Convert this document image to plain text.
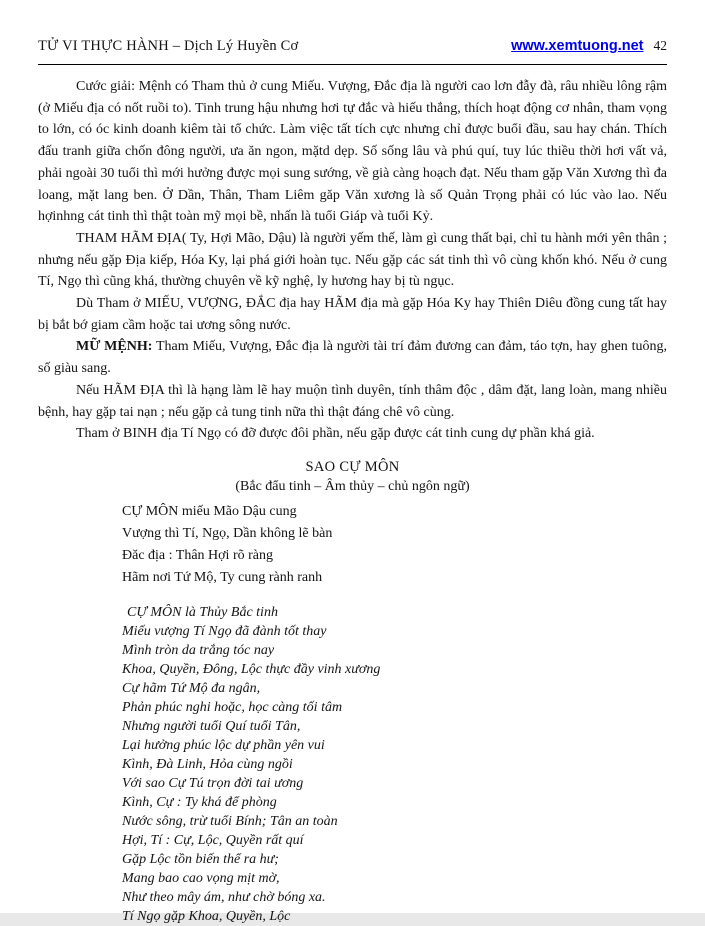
TỬ VI THỰC HÀNH – Dịch Lý Huyền Cơ	www.xemtuong.net 42

Cước giải: Mệnh có Tham thủ ở cung Miếu. Vượng, Đắc địa là người cao lơn đẫy đà, râu nhiều lông rậm (ở Miếu địa có nốt ruồi to). Tinh trung hậu nhưng hơi tự đắc và hiếu thắng, thích hoạt động cơ nhân, tham vọng to lớn, có óc kinh doanh kiêm tài tổ chức. Làm việc tất tích cực nhưng chỉ được buổi đầu, sau hay chán. Thích đấu tranh giữa chốn đông người, ưa ăn ngon, mặtd dẹp. Số sống lâu và phú quí, tuy lúc thiều thời hơi vất vả, phải ngoài 30 tuổi thì mới hưởng được mọi sung sướng, về già càng hoạch đạt. Nếu tham gặp Văn Xương thì đa loang, mặt lang ben. Ở Dần, Thân, Tham Liêm găp Văn xương là số Quản Trọng phải có lúc vào lao. Nếu hợinhng cát tinh thì thật toàn mỹ mọi bề, nhấn là tuổi Giáp và tuổi Kỷ.

THAM HÃM ĐỊA( Ty, Hợi Mão, Dậu) là người yếm thế, làm gì cung thất bại, chỉ tu hành mới yên thân ; nhưng nếu gặp Địa kiếp, Hóa Ky, lại phá giới hoàn tục. Nếu gặp các sát tinh thì vô cùng khốn khó. Nếu ở cung Tí, Ngọ thì cũng khá, thường chuyên về kỹ nghệ, ly hương hay bị tù ngục.

Dù Tham ở MIẾU, VƯỢNG, ĐẮC địa hay HÃM địa mà gặp Hóa Ky hay Thiên Diêu đồng cung tất hay bị bắt bớ giam cầm hoặc tai ương sông nước.

MỮ MỆNH: Tham Miếu, Vượng, Đắc địa là người tài trí đảm đương can đảm, táo tợn, hay ghen tuông, số giàu sang.

Nếu HÃM ĐỊA thì là hạng làm lẽ hay muộn tình duyên, tính thâm độc , dâm đặt, lang loàn, mang nhiều bệnh, hay gặp tai nạn ; nếu gặp cả tung tinh nữa thì thật đáng chê vô cùng.

Tham ở BINH địa Tí Ngọ có đỡ được đôi phần, nếu gặp được cát tinh cung dự phần khá giả.

SAO CỰ MÔN
(Bắc đẩu tinh – Âm thủy – chủ ngôn ngữ)
CỰ MÔN miếu Mão Dậu cung
Vượng thì Tí, Ngọ, Dần không lẽ bàn
Đăc địa : Thân Hợi rõ ràng
Hãm nơi Tứ Mộ, Ty cung rành ranh
CỰ MÔN là Thủy Bắc tinh
Miếu vượng Tí Ngọ đã đành tốt thay
Mình tròn da trắng tóc nay
Khoa, Quyền, Đông, Lộc thực đầy vinh xương
Cự hãm Tứ Mộ đa ngân,
Phản phúc nghi hoặc, học càng tối tâm
Nhưng người tuổi Quí tuổi Tân,
Lại hưởng phúc lộc dự phần yên vui
Kình, Đà Linh, Hỏa cùng ngồi
Với sao Cự Tú trọn đời tai ương
Kình, Cự : Ty khá để phòng
Nước sông, trừ tuổi Bính; Tân an toàn
Hợi, Tí : Cự, Lộc, Quyền rất quí
Gặp Lộc tồn biến thể ra hư;
Mang bao cao vọng mịt mờ,
Như theo mây ám, như chờ bóng xa.
Tí Ngọ gặp Khoa, Quyền, Lộc
